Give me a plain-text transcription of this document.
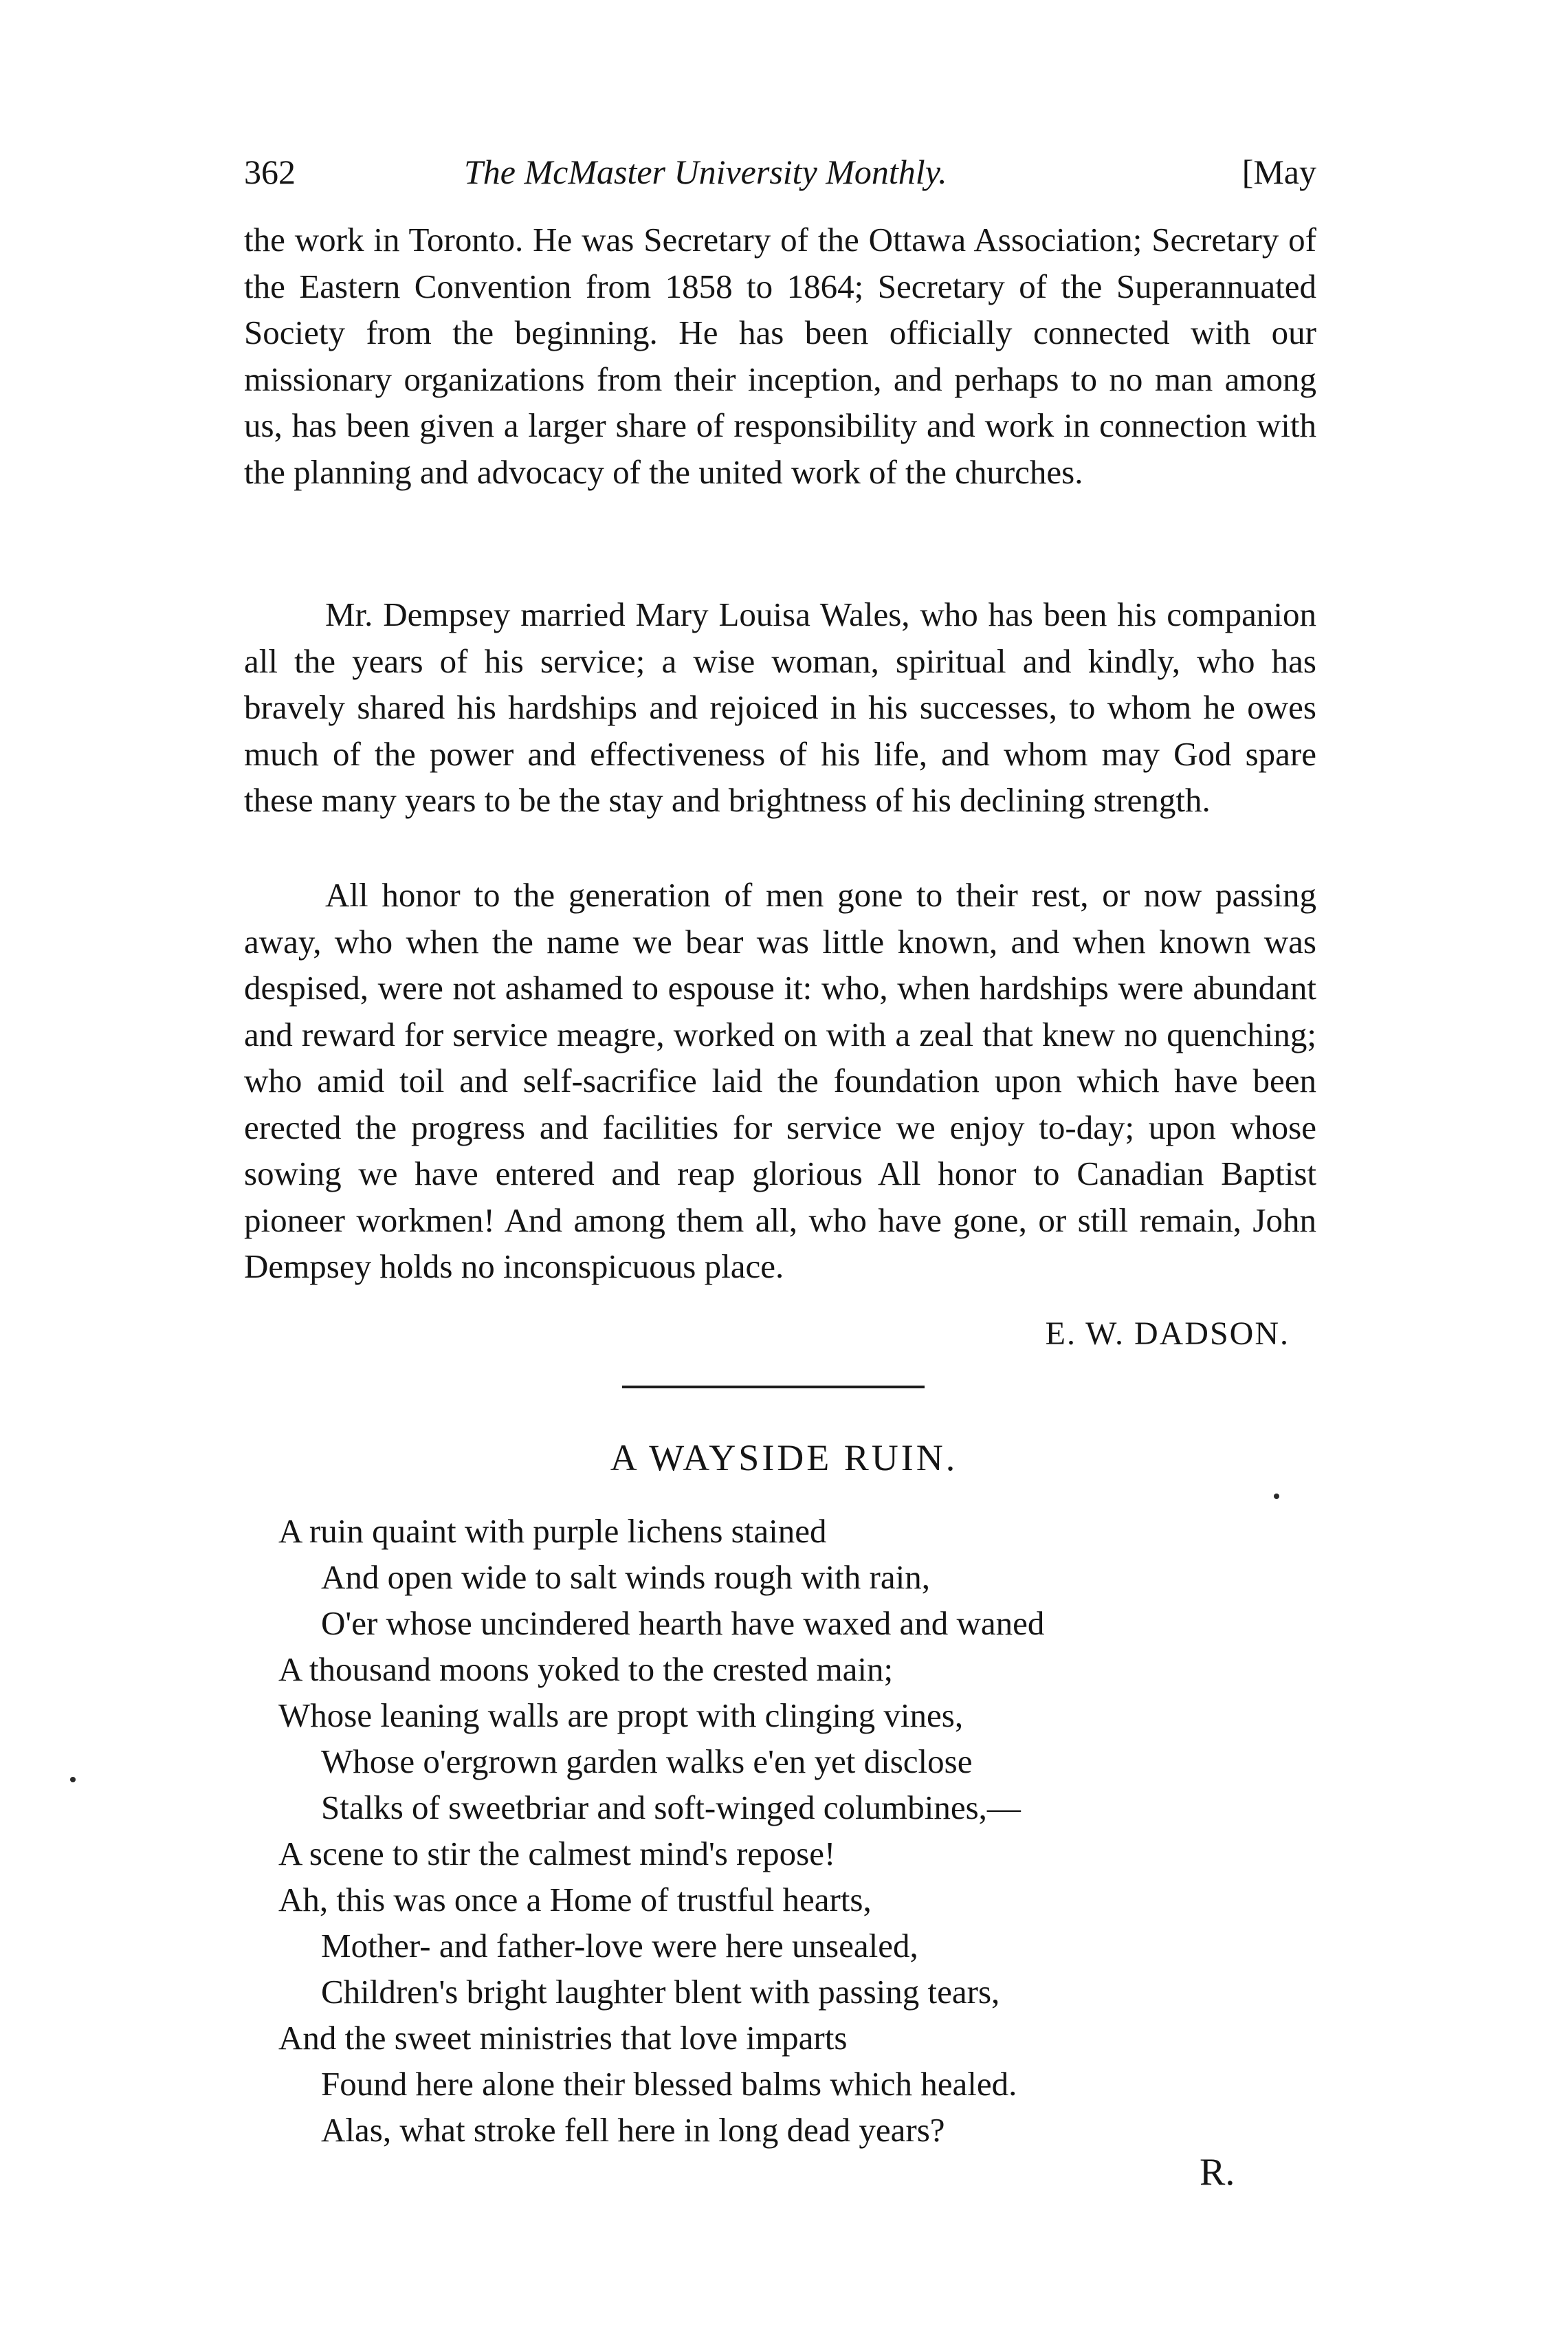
362	The McMaster University Monthly.	[May

the work in Toronto. He was Secretary of the Ottawa Association; Secretary of the Eastern Convention from 1858 to 1864; Secretary of the Superannuated Society from the beginning. He has been officially connected with our missionary organizations from their inception, and perhaps to no man among us, has been given a larger share of responsibility and work in connection with the planning and advocacy of the united work of the churches.

Mr. Dempsey married Mary Louisa Wales, who has been his companion all the years of his service; a wise woman, spiritual and kindly, who has bravely shared his hardships and rejoiced in his successes, to whom he owes much of the power and effectiveness of his life, and whom may God spare these many years to be the stay and brightness of his declining strength.

All honor to the generation of men gone to their rest, or now passing away, who when the name we bear was little known, and when known was despised, were not ashamed to espouse it: who, when hardships were abundant and reward for service meagre, worked on with a zeal that knew no quenching; who amid toil and self-sacrifice laid the foundation upon which have been erected the progress and facilities for service we enjoy to-day; upon whose sowing we have entered and reap glorious All honor to Canadian Baptist pioneer workmen! And among them all, who have gone, or still remain, John Dempsey holds no inconspicuous place.

E. W. DADSON.
A WAYSIDE RUIN.
A ruin quaint with purple lichens stained
And open wide to salt winds rough with rain,
O'er whose uncindered hearth have waxed and waned
A thousand moons yoked to the crested main;
Whose leaning walls are propt with clinging vines,
Whose o'ergrown garden walks e'en yet disclose
Stalks of sweetbriar and soft-winged columbines,—
A scene to stir the calmest mind's repose!
Ah, this was once a Home of trustful hearts,
Mother- and father-love were here unsealed,
Children's bright laughter blent with passing tears,
And the sweet ministries that love imparts
Found here alone their blessed balms which healed.
Alas, what stroke fell here in long dead years?
R.
